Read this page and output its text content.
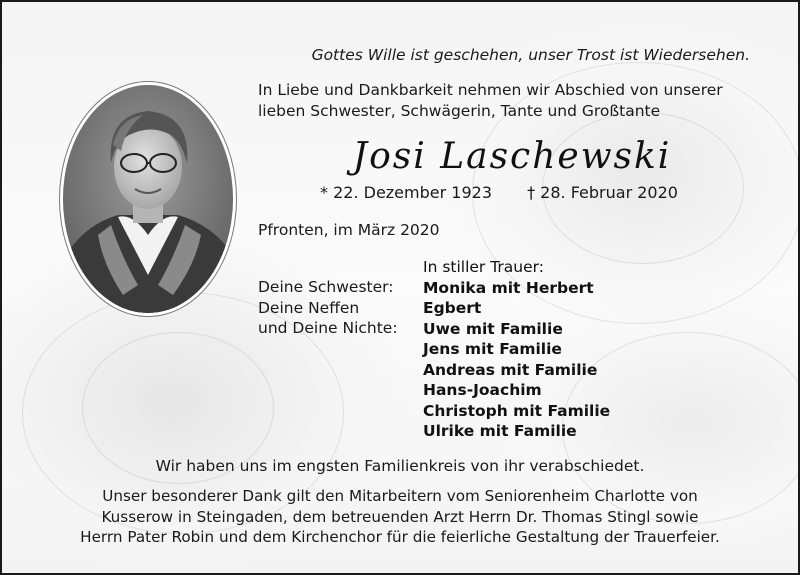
Gottes Wille ist geschehen, unser Trost ist Wiedersehen.
In Liebe und Dankbarkeit nehmen wir Abschied von unserer
lieben Schwester, Schwägerin, Tante und Großtante
Josi Laschewski
* 22. Dezember 1923 † 28. Februar 2020
Pfronten, im März 2020
In stiller Trauer:
Monika mit Herbert
Egbert
Uwe mit Familie
Jens mit Familie
Andreas mit Familie
Hans-Joachim
Christoph mit Familie
Ulrike mit Familie
Deine Schwester:
Deine Neffen
und Deine Nichte:
Wir haben uns im engsten Familienkreis von ihr verabschiedet.
Unser besonderer Dank gilt den Mitarbeitern vom Seniorenheim Charlotte von
Kusserow in Steingaden, dem betreuenden Arzt Herrn Dr. Thomas Stingl sowie
Herrn Pater Robin und dem Kirchenchor für die feierliche Gestaltung der Trauerfeier.
